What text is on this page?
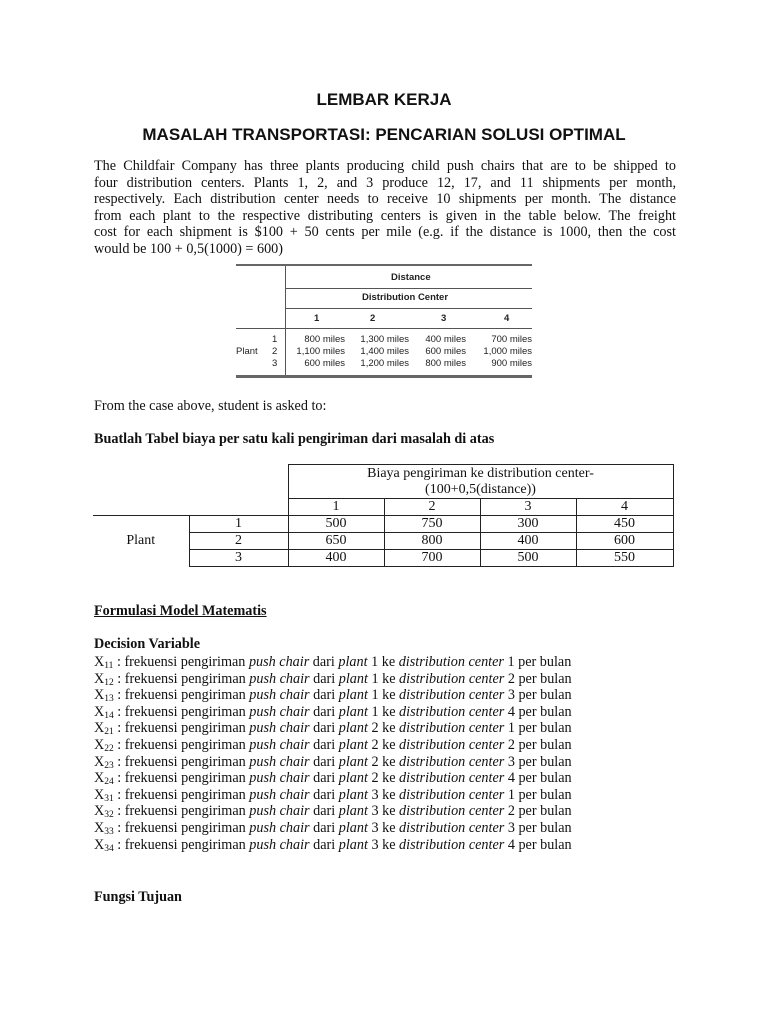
LEMBAR KERJA
MASALAH TRANSPORTASI: PENCARIAN SOLUSI OPTIMAL
The Childfair Company has three plants producing child push chairs that are to be shipped to
four distribution centers. Plants 1, 2, and 3 produce 12, 17, and 11 shipments per month,
respectively. Each distribution center needs to receive 10 shipments per month. The distance
from each plant to the respective distributing centers is given in the table below. The freight
cost for each shipment is $100 + 50 cents per mile (e.g. if the distance is 1000, then the cost
would be 100 + 0,5(1000) = 600)
Distance
Distribution Center
1	2	3	4
Plant
1
2
3
800 miles 1,300 miles 400 miles	700 miles
1,100 miles 1,400 miles 600 miles 1,000 miles
600 miles 1,200 miles 800 miles	900 miles
From the case above, student is asked to:
Buatlah Tabel biaya per satu kali pengiriman dari masalah di atas
		Biaya pengiriman ke distribution center-
(100+0,5(distance))			
		1	2	3	4
Plant	1	500	750	300	450
	2	650	800	400	600
	3	400	700	500	550
Formulasi Model Matematis
Decision Variable
$X_{11}$ : frekuensi pengiriman push chair dari plant 1 ke distribution center 1 per bulan
$X_{12}$ : frekuensi pengiriman push chair dari plant 1 ke distribution center 2 per bulan
$X_{13}$ : frekuensi pengiriman push chair dari plant 1 ke distribution center 3 per bulan
$X_{14}$ : frekuensi pengiriman push chair dari plant 1 ke distribution center 4 per bulan
$X_{21}$ : frekuensi pengiriman push chair dari plant 2 ke distribution center 1 per bulan
$X_{22}$ : frekuensi pengiriman push chair dari plant 2 ke distribution center 2 per bulan
$X_{23}$ : frekuensi pengiriman push chair dari plant 2 ke distribution center 3 per bulan
$X_{24}$ : frekuensi pengiriman push chair dari plant 2 ke distribution center 4 per bulan
$X_{31}$ : frekuensi pengiriman push chair dari plant 3 ke distribution center 1 per bulan
$X_{32}$ : frekuensi pengiriman push chair dari plant 3 ke distribution center 2 per bulan
$X_{33}$ : frekuensi pengiriman push chair dari plant 3 ke distribution center 3 per bulan
$X_{34}$ : frekuensi pengiriman push chair dari plant 3 ke distribution center 4 per bulan
Fungsi Tujuan
